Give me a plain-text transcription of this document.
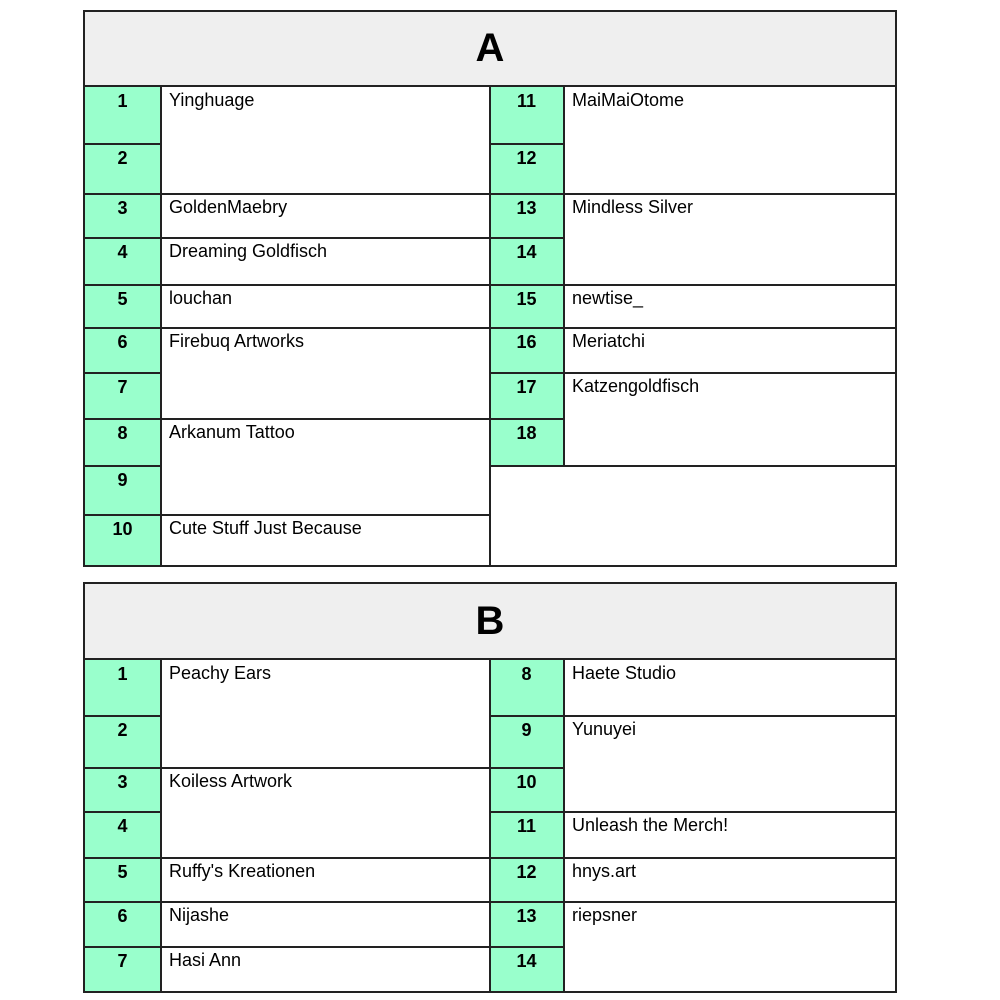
A
1
2
3
4
5
6
7
8
9
10
11
12
13
14
15
16
17
18
Yinghuage
GoldenMaebry
Dreaming Goldfisch
louchan
Firebuq Artworks
Arkanum Tattoo
Cute Stuff Just Because
MaiMaiOtome
Mindless Silver
newtise_
Meriatchi
Katzengoldfisch
B
1
2
3
4
5
6
7
8
9
10
11
12
13
14
Peachy Ears
Koiless Artwork
Ruffy's Kreationen
Nijashe
Hasi Ann
Haete Studio
Yunuyei
Unleash the Merch!
hnys.art
riepsner
